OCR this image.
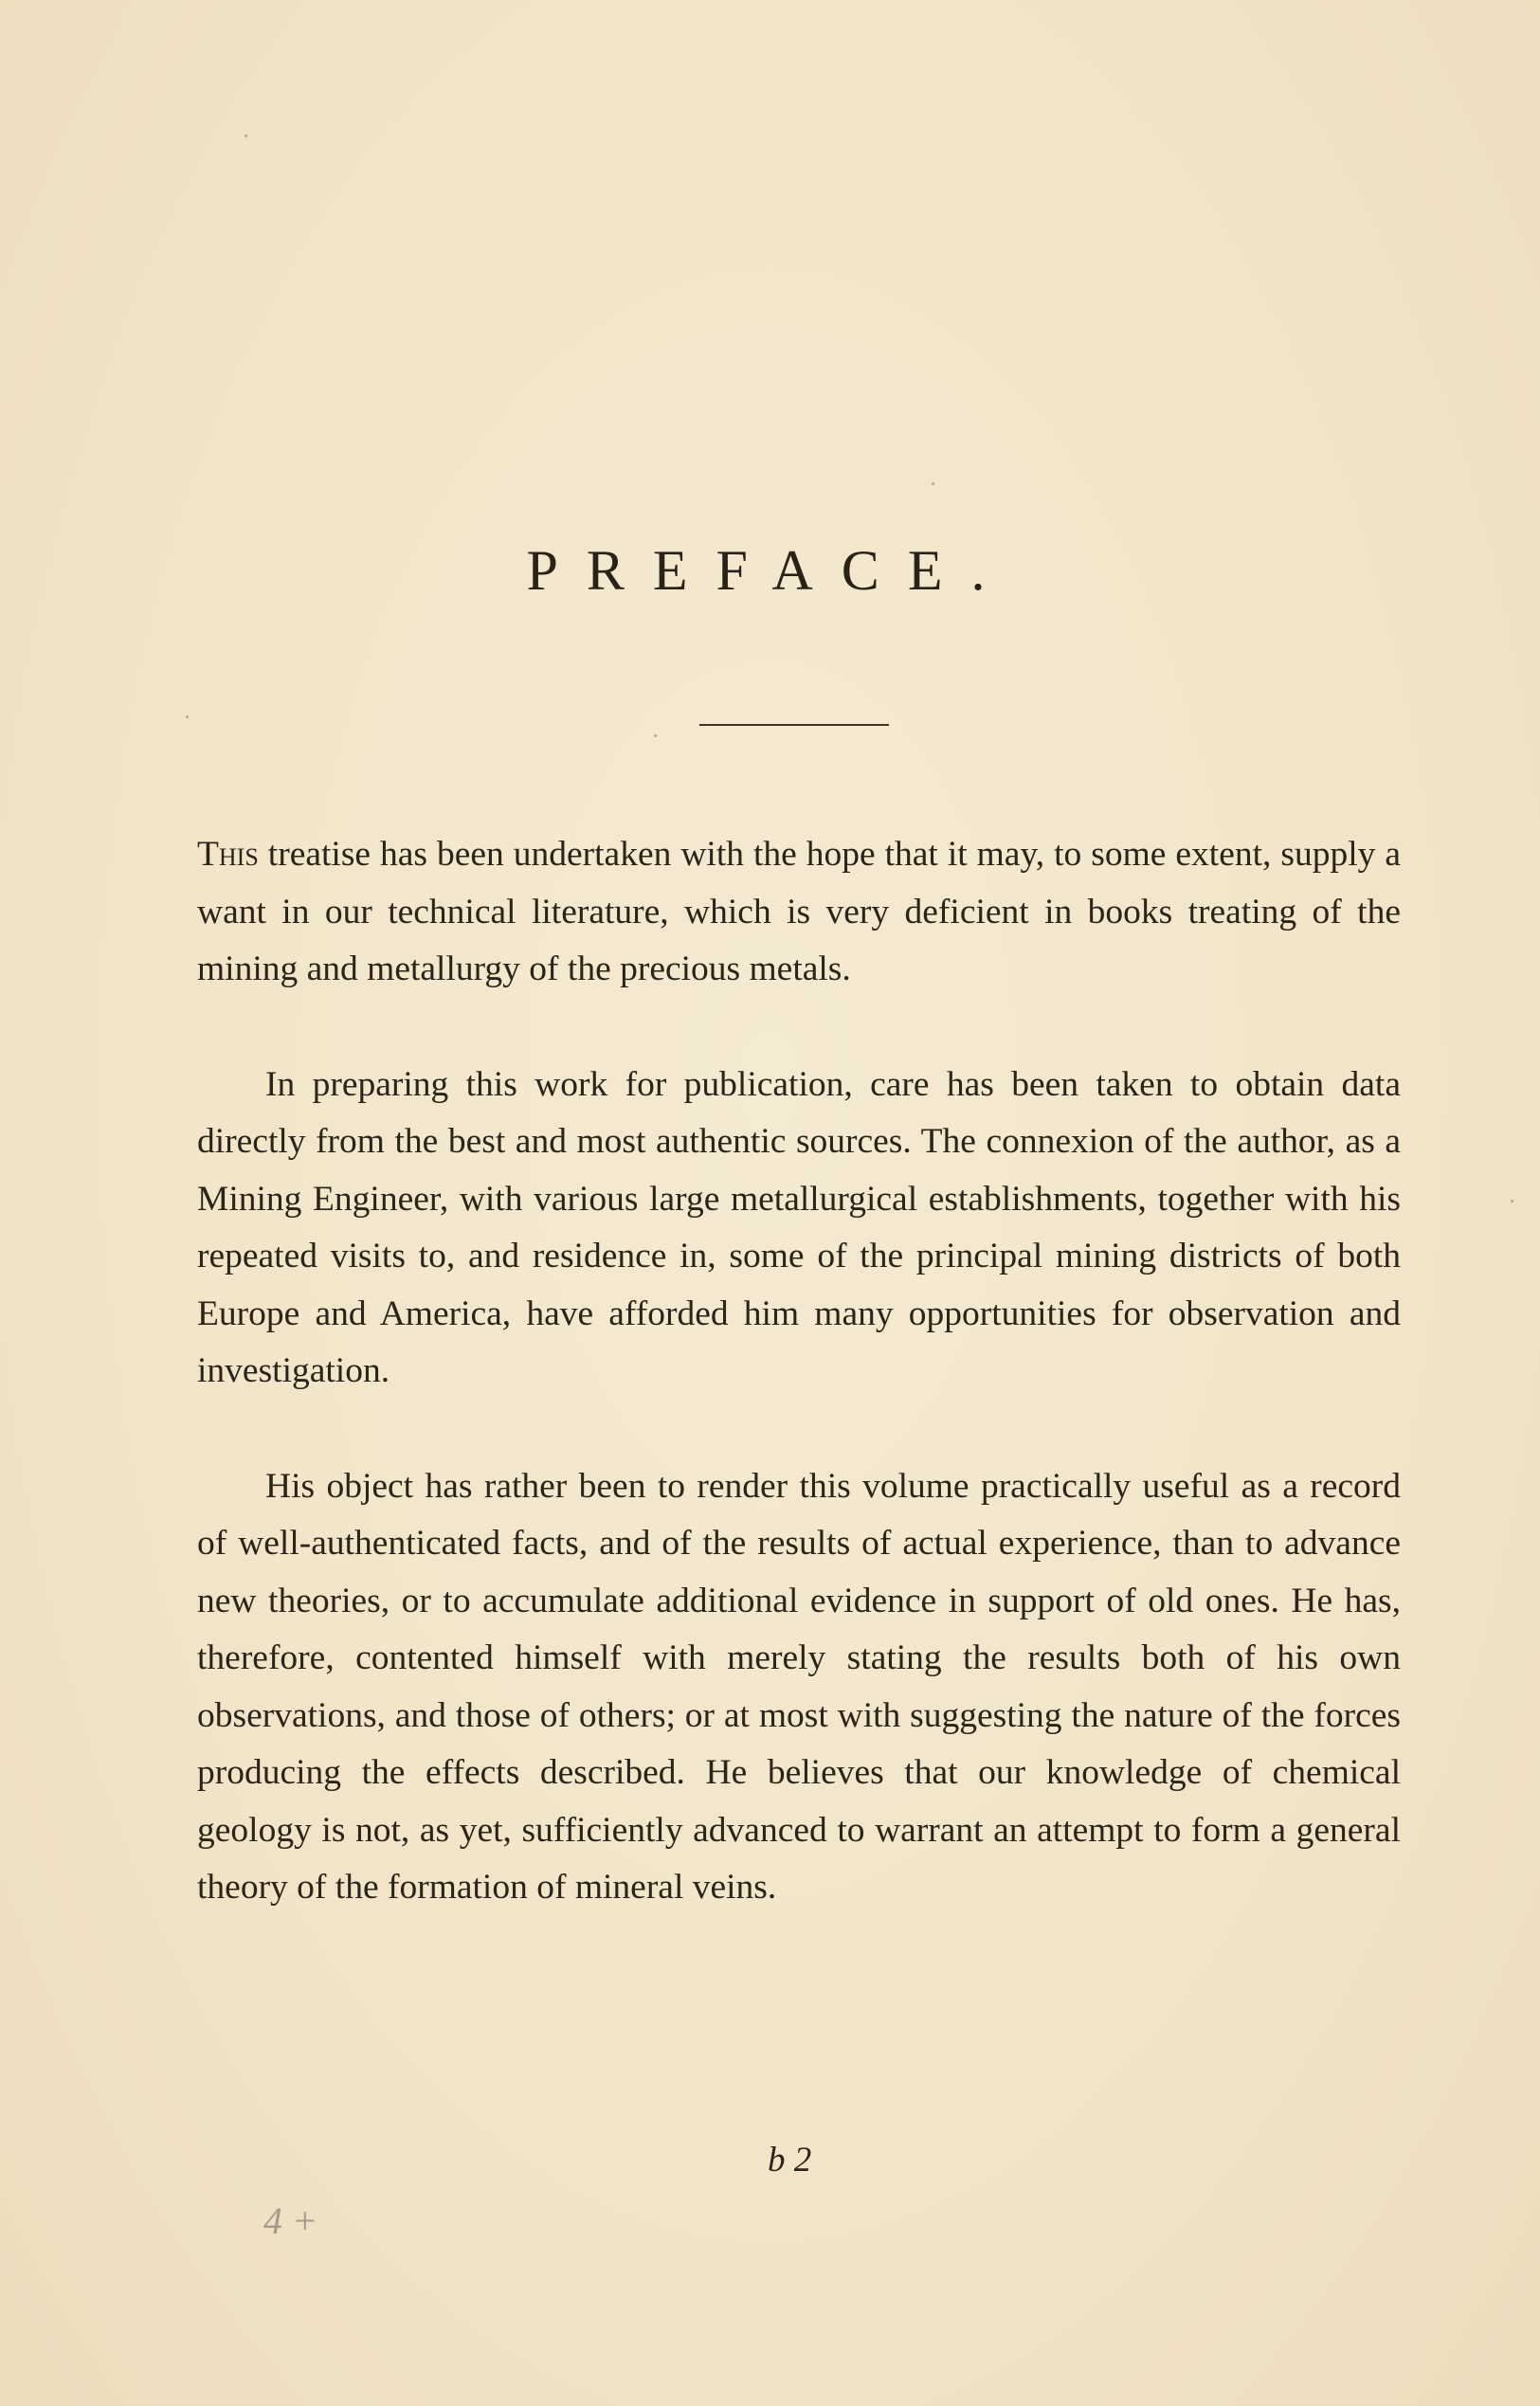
PREFACE.

This treatise has been undertaken with the hope that it may, to some extent, supply a want in our technical literature, which is very deficient in books treating of the mining and metallurgy of the precious metals.

In preparing this work for publication, care has been taken to obtain data directly from the best and most authentic sources. The connexion of the author, as a Mining Engineer, with various large metallurgical establishments, together with his repeated visits to, and residence in, some of the principal mining districts of both Europe and America, have afforded him many opportunities for observation and investigation.

His object has rather been to render this volume practically useful as a record of well-authenticated facts, and of the results of actual experience, than to advance new theories, or to accumulate additional evidence in support of old ones. He has, therefore, contented himself with merely stating the results both of his own observations, and those of others; or at most with suggesting the nature of the forces producing the effects described. He believes that our knowledge of chemical geology is not, as yet, sufficiently advanced to warrant an attempt to form a general theory of the formation of mineral veins.

b 2
4 +
